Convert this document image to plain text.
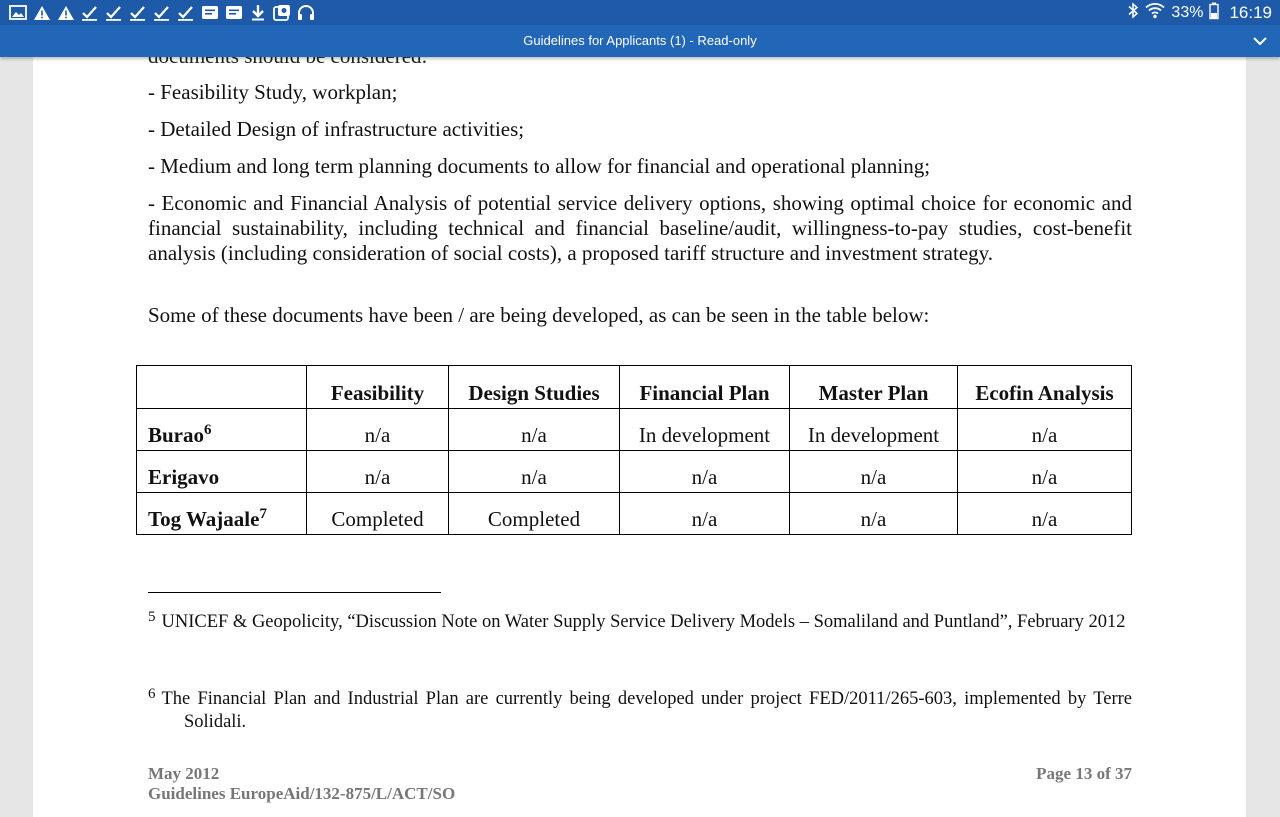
33% 16:19
Guidelines for Applicants (1) - Read-only

- Feasibility Study, workplan;

- Detailed Design of infrastructure activities;

- Medium and long term planning documents to allow for financial and operational planning;

- Economic and Financial Analysis of potential service delivery options, showing optimal choice for economic and financial sustainability, including technical and financial baseline/audit, willingness-to-pay studies, cost-benefit analysis (including consideration of social costs), a proposed tariff structure and investment strategy.

Some of these documents have been / are being developed, as can be seen in the table below:

	Feasibility	Design Studies	Financial Plan	Master Plan	Ecofin Analysis
Burao$^6$	n/a	n/a	In development	In development	n/a
Erigavo	n/a	n/a	n/a	n/a	n/a
Tog Wajaale$^7$	Completed	Completed	n/a	n/a	n/a

$^5$ UNICEF & Geopolicity, “Discussion Note on Water Supply Service Delivery Models – Somaliland and Puntland”, February 2012

$^6$ The Financial Plan and Industrial Plan are currently being developed under project FED/2011/265-603, implemented by Terre Solidali.

May 2012

Guidelines EuropeAid/132-875/L/ACT/SO

Page 13 of 37
